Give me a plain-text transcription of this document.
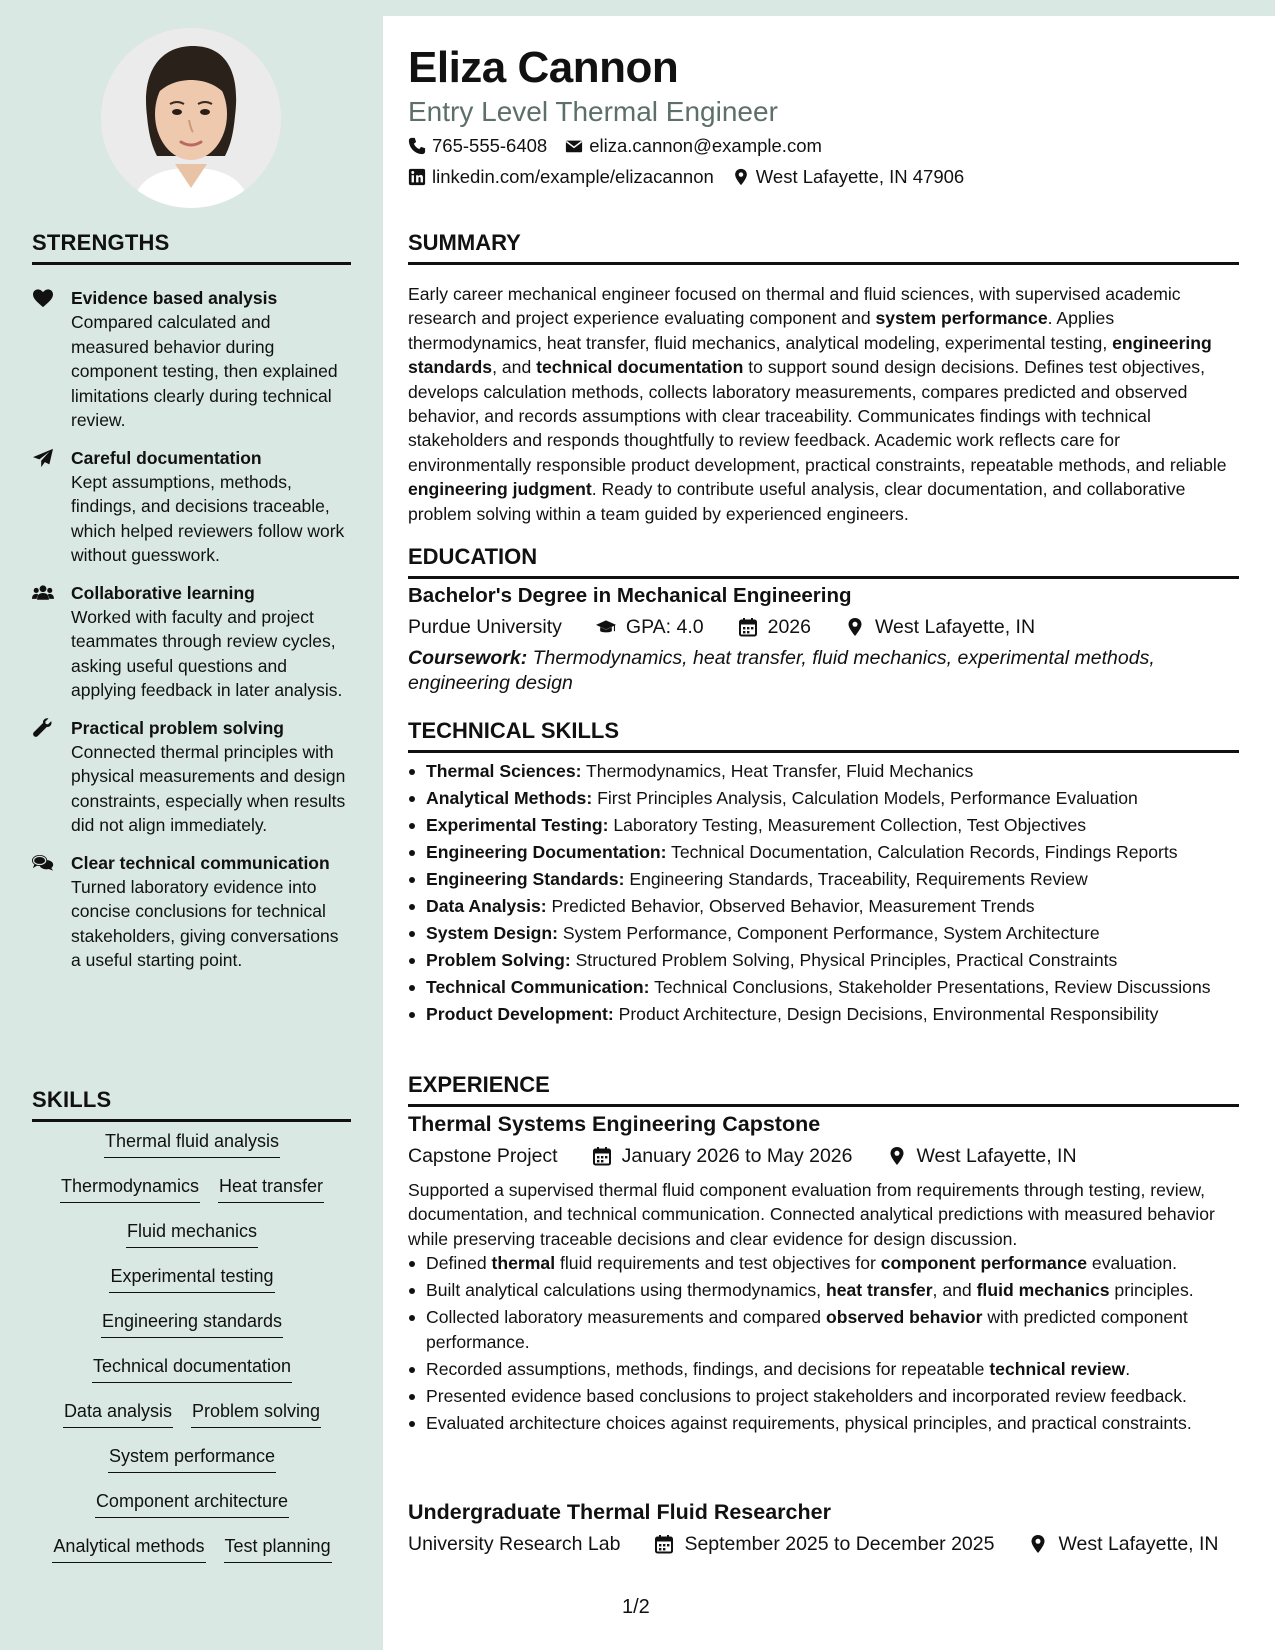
STRENGTHS
Evidence based analysis
Compared calculated and measured behavior during component testing, then explained limitations clearly during technical review.
Careful documentation
Kept assumptions, methods, findings, and decisions traceable, which helped reviewers follow work without guesswork.
Collaborative learning
Worked with faculty and project teammates through review cycles, asking useful questions and applying feedback in later analysis.
Practical problem solving
Connected thermal principles with physical measurements and design constraints, especially when results did not align immediately.
Clear technical communication
Turned laboratory evidence into concise conclusions for technical stakeholders, giving conversations a useful starting point.
SKILLS
Thermal fluid analysis
Thermodynamics Heat transfer
Fluid mechanics
Experimental testing
Engineering standards
Technical documentation
Data analysis Problem solving
System performance
Component architecture
Analytical methods Test planning
Eliza Cannon
Entry Level Thermal Engineer
765-555-6408 eliza.cannon@example.com
linkedin.com/example/elizacannon West Lafayette, IN 47906
SUMMARY
Early career mechanical engineer focused on thermal and fluid sciences, with supervised academic research and project experience evaluating component and system performance. Applies thermodynamics, heat transfer, fluid mechanics, analytical modeling, experimental testing, engineering standards, and technical documentation to support sound design decisions. Defines test objectives, develops calculation methods, collects laboratory measurements, compares predicted and observed behavior, and records assumptions with clear traceability. Communicates findings with technical stakeholders and responds thoughtfully to review feedback. Academic work reflects care for environmentally responsible product development, practical constraints, repeatable methods, and reliable engineering judgment. Ready to contribute useful analysis, clear documentation, and collaborative problem solving within a team guided by experienced engineers.
EDUCATION
Bachelor's Degree in Mechanical Engineering
Purdue University	GPA: 4.0	2026	West Lafayette, IN
Coursework: Thermodynamics, heat transfer, fluid mechanics, experimental methods, engineering design
TECHNICAL SKILLS
Thermal Sciences: Thermodynamics, Heat Transfer, Fluid Mechanics
Analytical Methods: First Principles Analysis, Calculation Models, Performance Evaluation
Experimental Testing: Laboratory Testing, Measurement Collection, Test Objectives
Engineering Documentation: Technical Documentation, Calculation Records, Findings Reports
Engineering Standards: Engineering Standards, Traceability, Requirements Review
Data Analysis: Predicted Behavior, Observed Behavior, Measurement Trends
System Design: System Performance, Component Performance, System Architecture
Problem Solving: Structured Problem Solving, Physical Principles, Practical Constraints
Technical Communication: Technical Conclusions, Stakeholder Presentations, Review Discussions
Product Development: Product Architecture, Design Decisions, Environmental Responsibility
EXPERIENCE
Thermal Systems Engineering Capstone
Capstone Project	January 2026 to May 2026	West Lafayette, IN
Supported a supervised thermal fluid component evaluation from requirements through testing, review, documentation, and technical communication. Connected analytical predictions with measured behavior while preserving traceable decisions and clear evidence for design discussion.
Defined thermal fluid requirements and test objectives for component performance evaluation.
Built analytical calculations using thermodynamics, heat transfer, and fluid mechanics principles.
Collected laboratory measurements and compared observed behavior with predicted component performance.
Recorded assumptions, methods, findings, and decisions for repeatable technical review.
Presented evidence based conclusions to project stakeholders and incorporated review feedback.
Evaluated architecture choices against requirements, physical principles, and practical constraints.
Undergraduate Thermal Fluid Researcher
University Research Lab	September 2025 to December 2025	West Lafayette, IN
1/2
